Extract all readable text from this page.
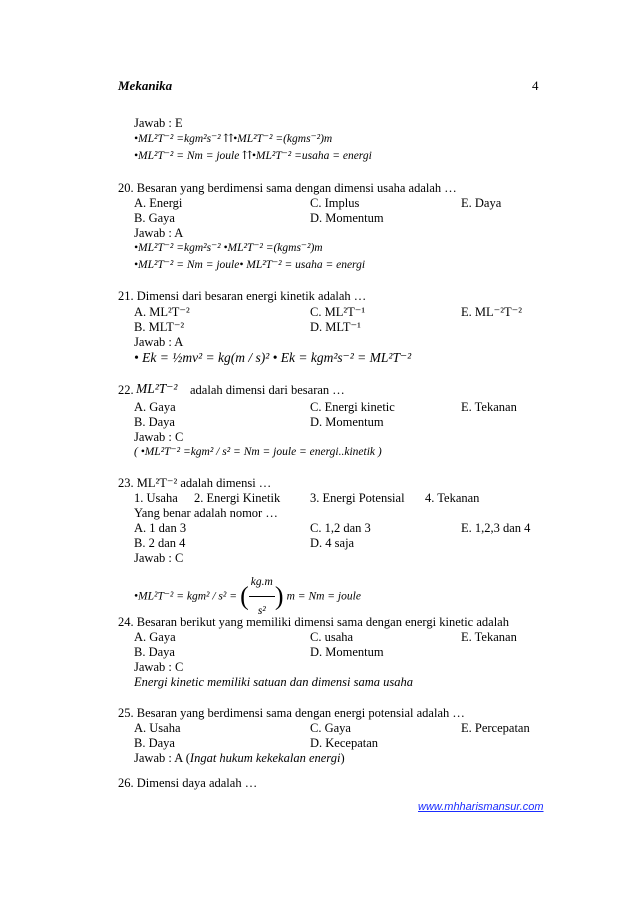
Mekanika	4
Jawab : E
•ML²T⁻² =kgm²s⁻² ⇈•ML²T⁻² =(kgms⁻²)m
•ML²T⁻² = Nm = joule ⇈•ML²T⁻² =usaha = energi
20. Besaran yang berdimensi sama dengan dimensi usaha adalah …
A. Energi	C. Implus	E. Daya
B. Gaya	D. Momentum
Jawab : A
•ML²T⁻² =kgm²s⁻² •ML²T⁻² =(kgms⁻²)m
•ML²T⁻² = Nm = joule• ML²T⁻² = usaha = energi
21. Dimensi dari besaran energi kinetik adalah …
A. ML²T⁻²	C. ML²T⁻¹	E. ML⁻²T⁻²
B. MLT⁻²	D. MLT⁻¹
Jawab : A
• Ek = ½mv² = kg(m / s)² • Ek = kgm²s⁻² = ML²T⁻²
22. ML²T⁻² adalah dimensi dari besaran …
A. Gaya	C. Energi kinetic	E. Tekanan
B. Daya	D. Momentum
Jawab : C
( •ML²T⁻² =kgm² / s² = Nm = joule = energi..kinetik )
23. ML²T⁻² adalah dimensi …
1. Usaha 2. Energi Kinetik 3. Energi Potensial 4. Tekanan
Yang benar adalah nomor …
A. 1 dan 3	C. 1,2 dan 3	E. 1,2,3 dan 4
B. 2 dan 4	D. 4 saja
Jawab : C
•ML²T⁻² = kgm² / s² = ( $\frac{kg.m}{\text{s²}}$ ) m = Nm = joule
24. Besaran berikut yang memiliki dimensi sama dengan energi kinetic adalah
A. Gaya	C. usaha	E. Tekanan
B. Daya	D. Momentum
Jawab : C
Energi kinetic memiliki satuan dan dimensi sama usaha
25. Besaran yang berdimensi sama dengan energi potensial adalah …
A. Usaha	C. Gaya	E. Percepatan
B. Daya	D. Kecepatan
Jawab : A (Ingat hukum kekekalan energi)
26. Dimensi daya adalah …
www.mhharismansur.com
